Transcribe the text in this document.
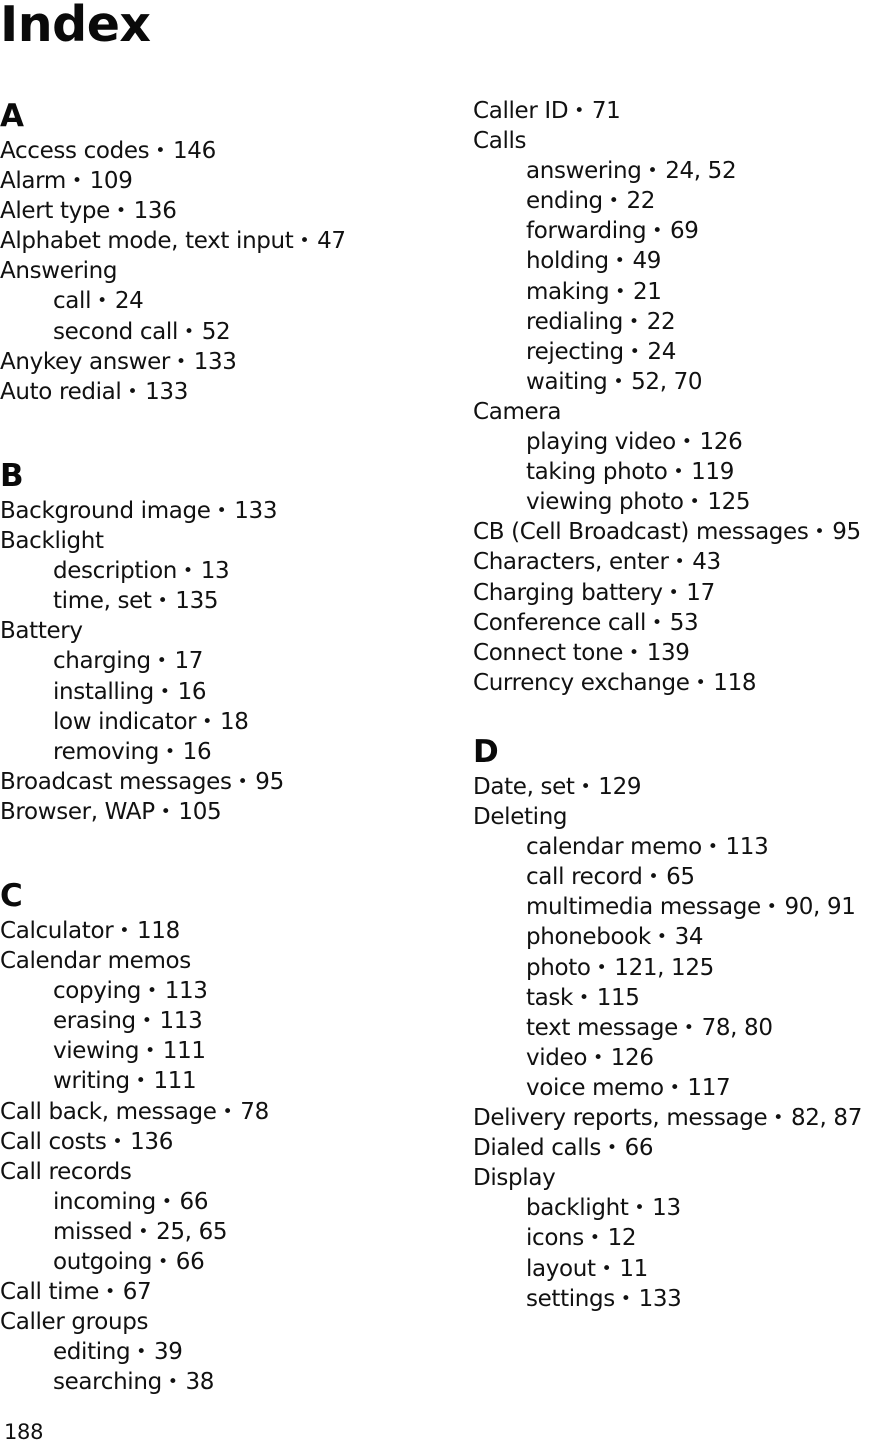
Index
A
Access codes • 146
Alarm • 109
Alert type • 136
Alphabet mode, text input • 47
Answering
call • 24
second call • 52
Anykey answer • 133
Auto redial • 133
B
Background image • 133
Backlight
description • 13
time, set • 135
Battery
charging • 17
installing • 16
low indicator • 18
removing • 16
Broadcast messages • 95
Browser, WAP • 105
C
Calculator • 118
Calendar memos
copying • 113
erasing • 113
viewing • 111
writing • 111
Call back, message • 78
Call costs • 136
Call records
incoming • 66
missed • 25, 65
outgoing • 66
Call time • 67
Caller groups
editing • 39
searching • 38
Caller ID • 71
Calls
answering • 24, 52
ending • 22
forwarding • 69
holding • 49
making • 21
redialing • 22
rejecting • 24
waiting • 52, 70
Camera
playing video • 126
taking photo • 119
viewing photo • 125
CB (Cell Broadcast) messages • 95
Characters, enter • 43
Charging battery • 17
Conference call • 53
Connect tone • 139
Currency exchange • 118
D
Date, set • 129
Deleting
calendar memo • 113
call record • 65
multimedia message • 90, 91
phonebook • 34
photo • 121, 125
task • 115
text message • 78, 80
video • 126
voice memo • 117
Delivery reports, message • 82, 87
Dialed calls • 66
Display
backlight • 13
icons • 12
layout • 11
settings • 133
188
